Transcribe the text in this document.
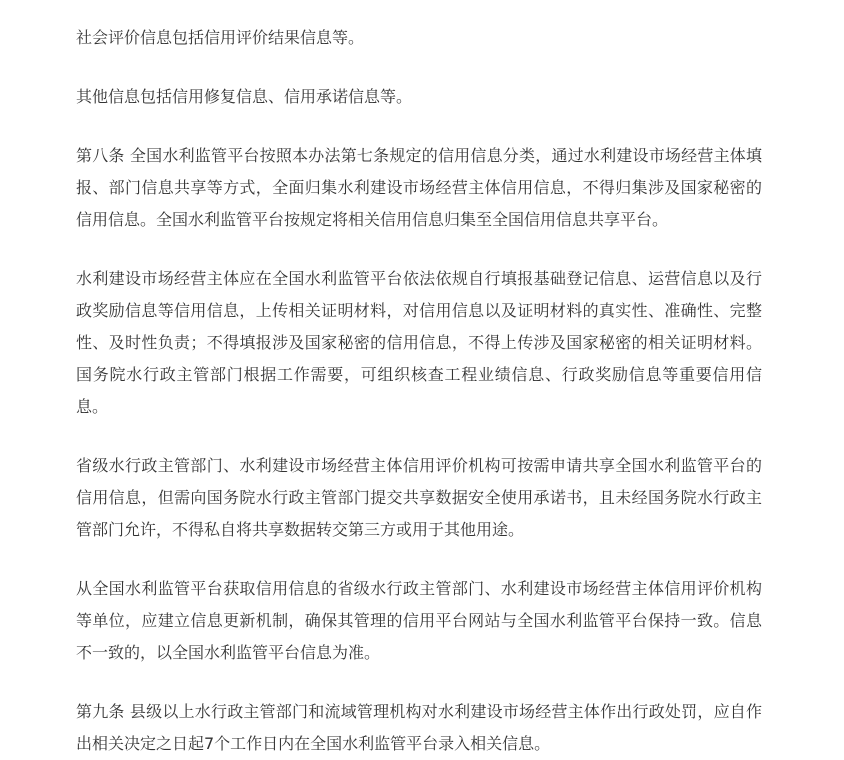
社会评价信息包括信用评价结果信息等。

其他信息包括信用修复信息、信用承诺信息等。

第八条 全国水利监管平台按照本办法第七条规定的信用信息分类，通过水利建设市场经营主体填报、部门信息共享等方式，全面归集水利建设市场经营主体信用信息，不得归集涉及国家秘密的信用信息。全国水利监管平台按规定将相关信用信息归集至全国信用信息共享平台。

水利建设市场经营主体应在全国水利监管平台依法依规自行填报基础登记信息、运营信息以及行政奖励信息等信用信息，上传相关证明材料，对信用信息以及证明材料的真实性、准确性、完整性、及时性负责；不得填报涉及国家秘密的信用信息，不得上传涉及国家秘密的相关证明材料。国务院水行政主管部门根据工作需要，可组织核查工程业绩信息、行政奖励信息等重要信用信息。

省级水行政主管部门、水利建设市场经营主体信用评价机构可按需申请共享全国水利监管平台的信用信息，但需向国务院水行政主管部门提交共享数据安全使用承诺书，且未经国务院水行政主管部门允许，不得私自将共享数据转交第三方或用于其他用途。

从全国水利监管平台获取信用信息的省级水行政主管部门、水利建设市场经营主体信用评价机构等单位，应建立信息更新机制，确保其管理的信用平台网站与全国水利监管平台保持一致。信息不一致的，以全国水利监管平台信息为准。

第九条 县级以上水行政主管部门和流域管理机构对水利建设市场经营主体作出行政处罚，应自作出相关决定之日起7个工作日内在全国水利监管平台录入相关信息。
